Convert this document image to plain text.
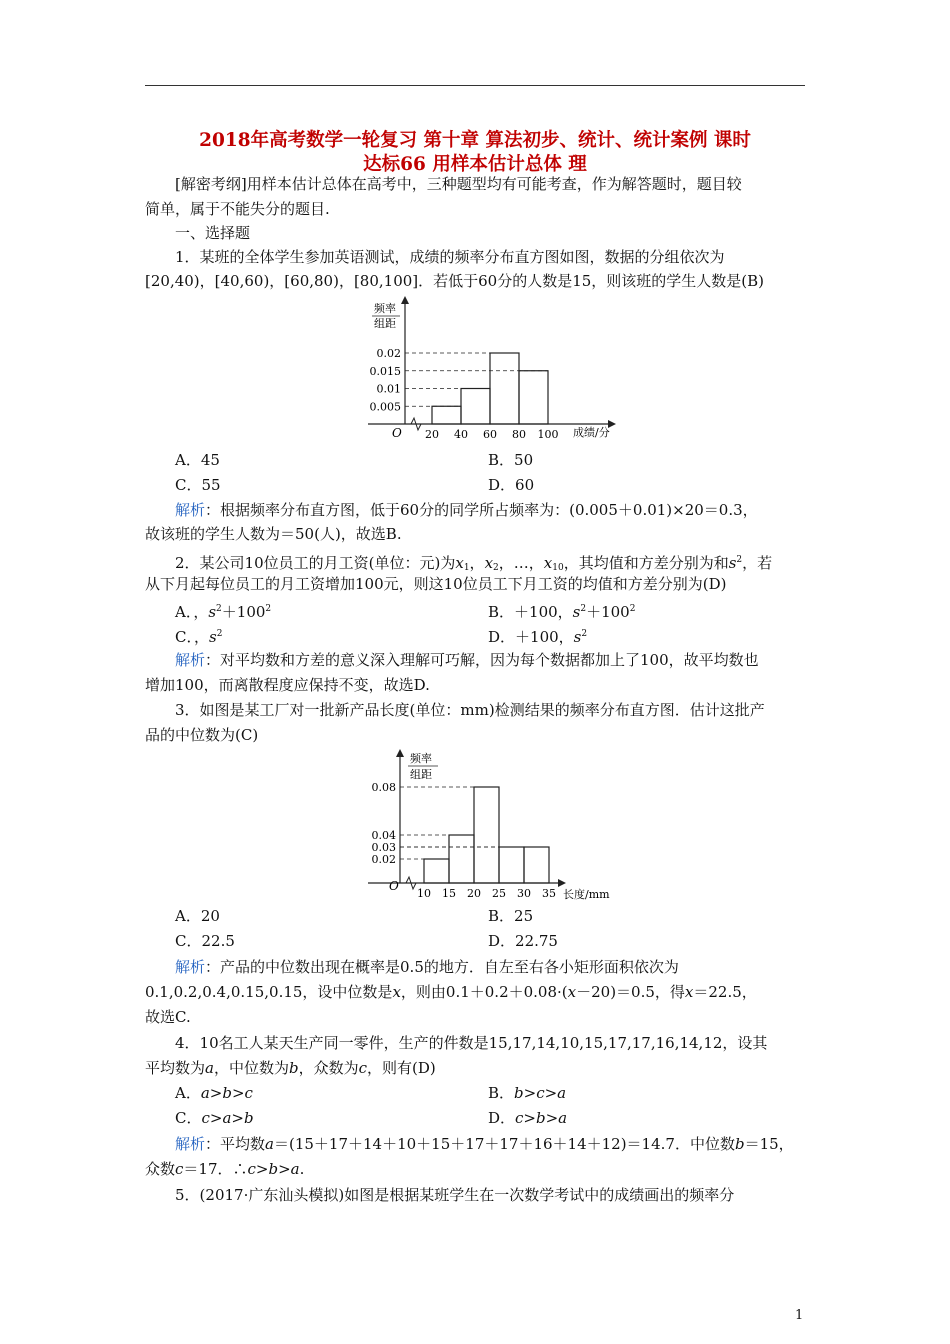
2018年高考数学一轮复习 第十章 算法初步、统计、统计案例 课时
达标66 用样本估计总体 理
[解密考纲]用样本估计总体在高考中，三种题型均有可能考查，作为解答题时，题目较
简单，属于不能失分的题目.
一、选择题
1．某班的全体学生参加英语测试，成绩的频率分布直方图如图，数据的分组依次为
[20,40)，[40,60)，[60,80)，[80,100]．若低于60分的人数是15，则该班的学生人数是(B)
频率
组距
O	成绩/分
0.02
0.015
0.01
0.005
20 40 60 80 100
A．45	B．50
C．55	D．60
解析：根据频率分布直方图，低于60分的同学所占频率为：(0.005＋0.01)×20＝0.3，
故该班的学生人数为＝50(人)，故选B.
2．某公司10位员工的月工资(单位：元)为$x_1$，$x_2$，…，$x_{10}$，其均值和方差分别为和$s^2$，若
从下月起每位员工的月工资增加100元，则这10位员工下月工资的均值和方差分别为(D)
A．，$s^2+100^2$	B．＋100，$s^2+100^2$
C．，$s^2$	D．＋100，$s^2$
解析：对平均数和方差的意义深入理解可巧解，因为每个数据都加上了100，故平均数也
增加100，而离散程度应保持不变，故选D.
3．如图是某工厂对一批新产品长度(单位：mm)检测结果的频率分布直方图．估计这批产
品的中位数为(C)
频率
组距
O
长度/mm
0.08
0.04
0.03
0.02
10 15 20 25 30 35
A．20	B．25
C．22.5	D．22.75
解析：产品的中位数出现在概率是0.5的地方．自左至右各小矩形面积依次为
0.1,0.2,0.4,0.15,0.15，设中位数是x，则由0.1＋0.2＋0.08·(x－20)＝0.5，得x＝22.5，
故选C.
4．10名工人某天生产同一零件，生产的件数是15,17,14,10,15,17,17,16,14,12，设其
平均数为a，中位数为b，众数为c，则有(D)
A．a>b>c	B．b>c>a
C．c>a>b	D．c>b>a
解析：平均数a＝(15＋17＋14＋10＋15＋17＋17＋16＋14＋12)＝14.7．中位数b＝15，
众数c＝17．∴c>b>a.
5．(2017·广东汕头模拟)如图是根据某班学生在一次数学考试中的成绩画出的频率分
1
